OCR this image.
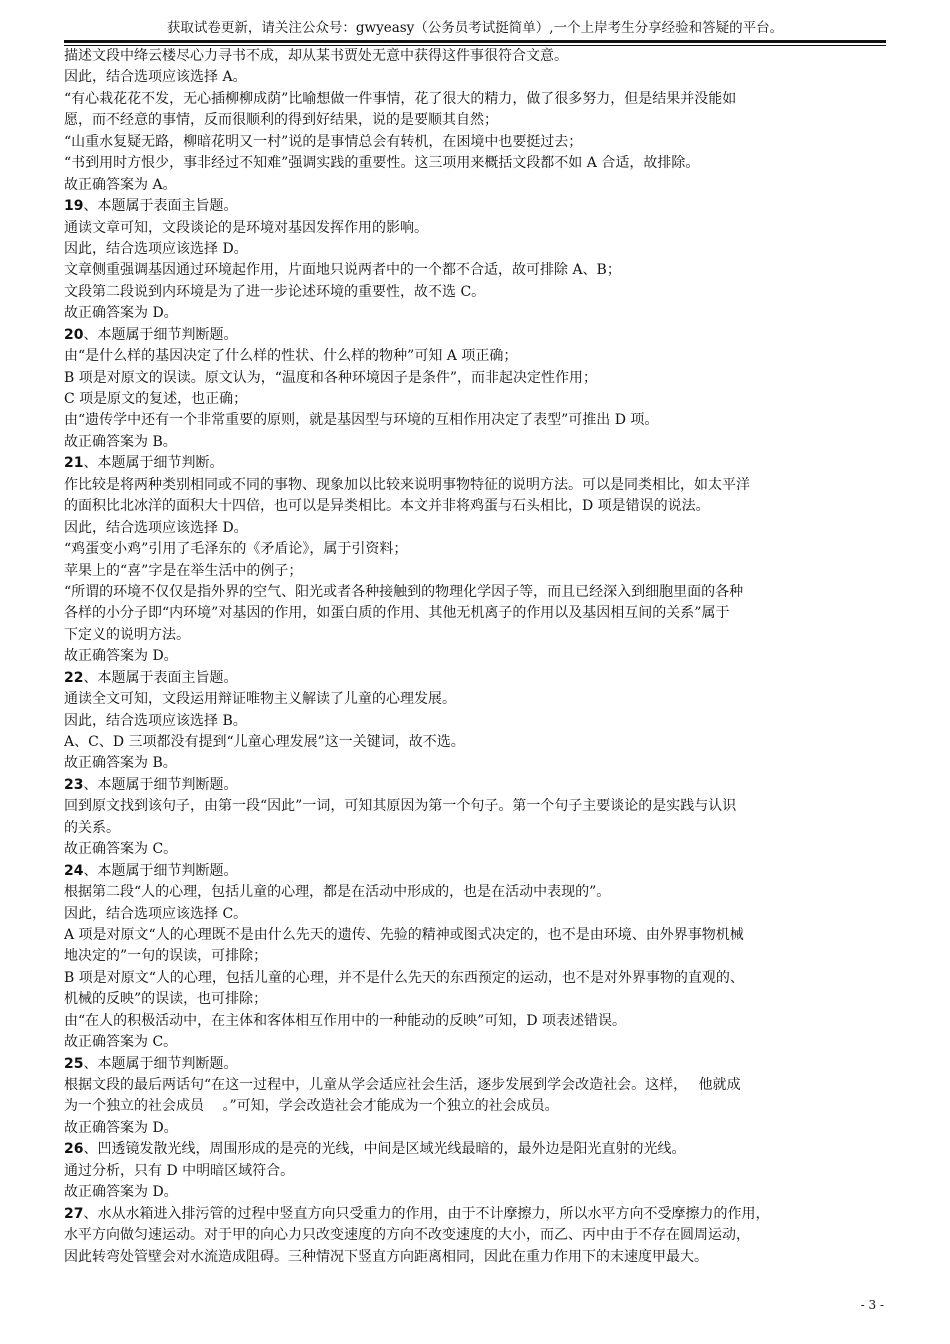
获取试卷更新，请关注公众号：gwyeasy（公务员考试挺简单）,一个上岸考生分享经验和答疑的平台。
描述文段中绛云楼尽心力寻书不成，却从某书贾处无意中获得这件事很符合文意。
因此，结合选项应该选择 A。
“有心栽花花不发，无心插柳柳成荫”比喻想做一件事情，花了很大的精力，做了很多努力，但是结果并没能如
愿，而不经意的事情，反而很顺利的得到好结果，说的是要顺其自然；
“山重水复疑无路，柳暗花明又一村”说的是事情总会有转机，在困境中也要挺过去；
“书到用时方恨少，事非经过不知难”强调实践的重要性。这三项用来概括文段都不如 A 合适，故排除。
故正确答案为 A。
19、本题属于表面主旨题。
通读文章可知，文段谈论的是环境对基因发挥作用的影响。
因此，结合选项应该选择 D。
文章侧重强调基因通过环境起作用，片面地只说两者中的一个都不合适，故可排除 A、B；
文段第二段说到内环境是为了进一步论述环境的重要性，故不选 C。
故正确答案为 D。
20、本题属于细节判断题。
由“是什么样的基因决定了什么样的性状、什么样的物种”可知 A 项正确；
B 项是对原文的误读。原文认为，“温度和各种环境因子是条件”，而非起决定性作用；
C 项是原文的复述，也正确；
由“遗传学中还有一个非常重要的原则，就是基因型与环境的互相作用决定了表型”可推出 D 项。
故正确答案为 B。
21、本题属于细节判断。
作比较是将两种类别相同或不同的事物、现象加以比较来说明事物特征的说明方法。可以是同类相比，如太平洋
的面积比北冰洋的面积大十四倍，也可以是异类相比。本文并非将鸡蛋与石头相比，D 项是错误的说法。
因此，结合选项应该选择 D。
“鸡蛋变小鸡”引用了毛泽东的《矛盾论》，属于引资料；
苹果上的“喜”字是在举生活中的例子；
“所谓的环境不仅仅是指外界的空气、阳光或者各种接触到的物理化学因子等，而且已经深入到细胞里面的各种
各样的小分子即“内环境”对基因的作用，如蛋白质的作用、其他无机离子的作用以及基因相互间的关系”属于
下定义的说明方法。
故正确答案为 D。
22、本题属于表面主旨题。
通读全文可知，文段运用辩证唯物主义解读了儿童的心理发展。
因此，结合选项应该选择 B。
A、C、D 三项都没有提到“儿童心理发展”这一关键词，故不选。
故正确答案为 B。
23、本题属于细节判断题。
回到原文找到该句子，由第一段“因此”一词，可知其原因为第一个句子。第一个句子主要谈论的是实践与认识
的关系。
故正确答案为 C。
24、本题属于细节判断题。
根据第二段“人的心理，包括儿童的心理，都是在活动中形成的，也是在活动中表现的”。
因此，结合选项应该选择 C。
A 项是对原文“人的心理既不是由什么先天的遗传、先验的精神或图式决定的，也不是由环境、由外界事物机械
地决定的”一句的误读，可排除；
B 项是对原文“人的心理，包括儿童的心理，并不是什么先天的东西预定的运动，也不是对外界事物的直观的、
机械的反映”的误读，也可排除；
由“在人的积极活动中，在主体和客体相互作用中的一种能动的反映”可知，D 项表述错误。
故正确答案为 C。
25、本题属于细节判断题。
根据文段的最后两话句“在这一过程中，儿童从学会适应社会生活，逐步发展到学会改造社会。这样，　 他就成
为一个独立的社会成员　 。”可知，学会改造社会才能成为一个独立的社会成员。
故正确答案为 D。
26、凹透镜发散光线，周围形成的是亮的光线，中间是区域光线最暗的，最外边是阳光直射的光线。
通过分析，只有 D 中明暗区域符合。
故正确答案为 D。
27、水从水箱进入排污管的过程中竖直方向只受重力的作用，由于不计摩擦力，所以水平方向不受摩擦力的作用，
水平方向做匀速运动。对于甲的向心力只改变速度的方向不改变速度的大小，而乙、丙中由于不存在圆周运动，
因此转弯处管壁会对水流造成阻碍。三种情况下竖直方向距离相同，因此在重力作用下的末速度甲最大。
- 3 -
